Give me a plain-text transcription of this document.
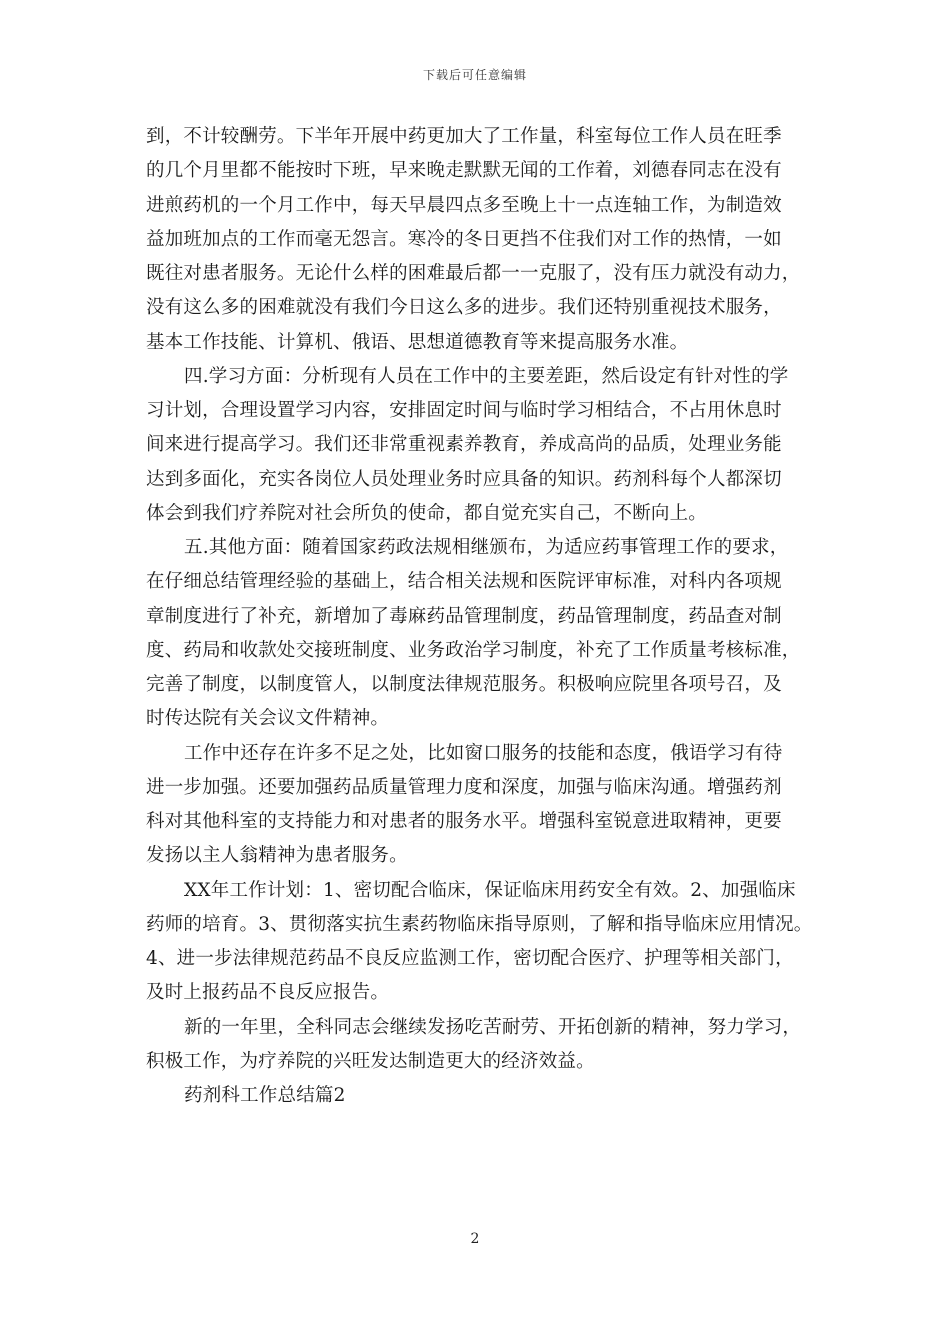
下载后可任意编辑
到，不计较酬劳。下半年开展中药更加大了工作量，科室每位工作人员在旺季
的几个月里都不能按时下班，早来晚走默默无闻的工作着，刘德春同志在没有
进煎药机的一个月工作中，每天早晨四点多至晚上十一点连轴工作，为制造效
益加班加点的工作而毫无怨言。寒冷的冬日更挡不住我们对工作的热情，一如
既往对患者服务。无论什么样的困难最后都一一克服了，没有压力就没有动力，
没有这么多的困难就没有我们今日这么多的进步。我们还特别重视技术服务，
基本工作技能、计算机、俄语、思想道德教育等来提高服务水准。
四.学习方面：分析现有人员在工作中的主要差距，然后设定有针对性的学
习计划，合理设置学习内容，安排固定时间与临时学习相结合，不占用休息时
间来进行提高学习。我们还非常重视素养教育，养成高尚的品质，处理业务能
达到多面化，充实各岗位人员处理业务时应具备的知识。药剂科每个人都深切
体会到我们疗养院对社会所负的使命，都自觉充实自己，不断向上。
五.其他方面：随着国家药政法规相继颁布，为适应药事管理工作的要求，
在仔细总结管理经验的基础上，结合相关法规和医院评审标准，对科内各项规
章制度进行了补充，新增加了毒麻药品管理制度，药品管理制度，药品查对制
度、药局和收款处交接班制度、业务政治学习制度，补充了工作质量考核标准，
完善了制度，以制度管人，以制度法律规范服务。积极响应院里各项号召，及
时传达院有关会议文件精神。
工作中还存在许多不足之处，比如窗口服务的技能和态度，俄语学习有待
进一步加强。还要加强药品质量管理力度和深度，加强与临床沟通。增强药剂
科对其他科室的支持能力和对患者的服务水平。增强科室锐意进取精神，更要
发扬以主人翁精神为患者服务。
XX年工作计划：1、密切配合临床，保证临床用药安全有效。2、加强临床
药师的培育。3、贯彻落实抗生素药物临床指导原则，了解和指导临床应用情况。
4、进一步法律规范药品不良反应监测工作，密切配合医疗、护理等相关部门，
及时上报药品不良反应报告。
新的一年里，全科同志会继续发扬吃苦耐劳、开拓创新的精神，努力学习，
积极工作，为疗养院的兴旺发达制造更大的经济效益。
药剂科工作总结篇2
2
